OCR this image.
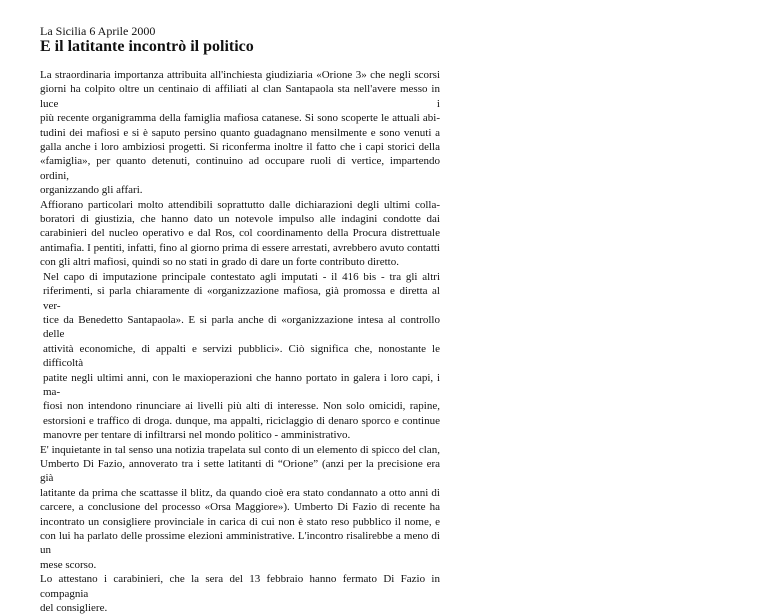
La Sicilia 6 Aprile 2000

E il latitante incontrò il politico
La straordinaria importanza attribuita all'inchiesta giudiziaria «Orione 3» che negli scorsi
giorni ha colpito oltre un centinaio di affiliati al clan Santapaola sta nell'avere messo in luce i
più recente organigramma della famiglia mafiosa catanese. Si sono scoperte le attuali abi-
tudini dei mafiosi e si è saputo persino quanto guadagnano mensilmente e sono venuti a
galla anche i loro ambiziosi progetti. Si riconferma inoltre il fatto che i capi storici della
«famiglia», per quanto detenuti, continuino ad occupare ruoli di vertice, impartendo ordini,
organizzando gli affari.
Affiorano particolari molto attendibili soprattutto dalle dichiarazioni degli ultimi colla-
boratori di giustizia, che hanno dato un notevole impulso alle indagini condotte dai
carabinieri del nucleo operativo e dal Ros, col coordinamento della Procura distrettuale
antimafia. I pentiti, infatti, fino al giorno prima di essere arrestati, avrebbero avuto contatti
con gli altri mafiosi, quindi so no stati in grado di dare un forte contributo diretto.
Nel capo di imputazione principale contestato agli imputati - il 416 bis - tra gli altri
riferimenti, si parla chiaramente di «organizzazione mafiosa, già promossa e diretta al ver-
tice da Benedetto Santapaola». E si parla anche di «organizzazione intesa al controllo delle
attività economiche, di appalti e servizi pubblici». Ciò significa che, nonostante le difficoltà
patite negli ultimi anni, con le maxioperazioni che hanno portato in galera i loro capi, i ma-
fiosi non intendono rinunciare ai livelli più alti di interesse. Non solo omicidi, rapine,
estorsioni e traffico di droga. dunque, ma appalti, riciclaggio di denaro sporco e continue
manovre per tentare di infiltrarsi nel mondo politico - amministrativo.
E' inquietante in tal senso una notizia trapelata sul conto di un elemento di spicco del clan,
Umberto Di Fazio, annoverato tra i sette latitanti di “Orione” (anzi per la precisione era già
latitante da prima che scattasse il blitz, da quando cioè era stato condannato a otto anni di
carcere, a conclusione del processo «Orsa Maggiore»). Umberto Di Fazio di recente ha
incontrato un consigliere provinciale in carica di cui non è stato reso pubblico il nome, e
con lui ha parlato delle prossime elezioni amministrative. L'incontro risalirebbe a meno di un
mese scorso.
Lo attestano i carabinieri, che la sera del 13 febbraio hanno fermato Di Fazio in compagnia
del consigliere.
